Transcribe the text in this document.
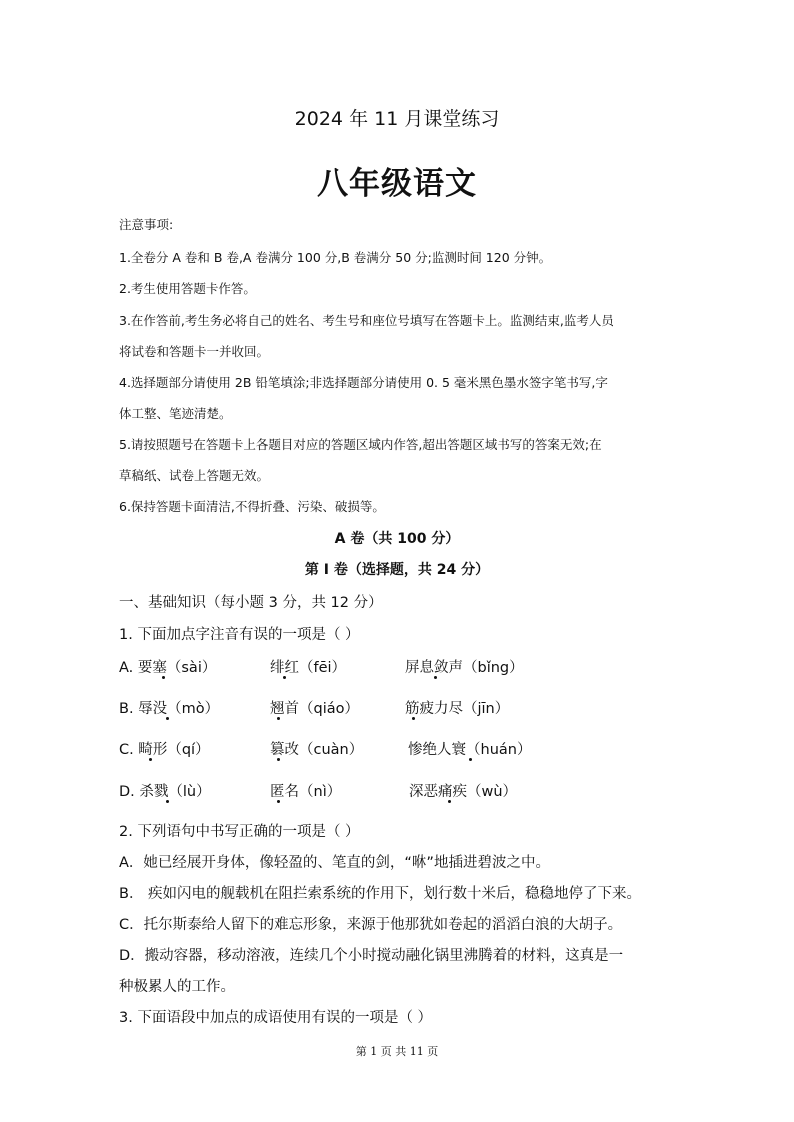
2024 年 11 月课堂练习
八年级语文
注意事项:
1.全卷分 A 卷和 B 卷,A 卷满分 100 分,B 卷满分 50 分;监测时间 120 分钟。
2.考生使用答题卡作答。
3.在作答前,考生务必将自己的姓名、考生号和座位号填写在答题卡上。监测结束,监考人员
将试卷和答题卡一并收回。
4.选择题部分请使用 2B 铅笔填涂;非选择题部分请使用 0. 5 毫米黑色墨水签字笔书写,字
体工整、笔迹清楚。
5.请按照题号在答题卡上各题目对应的答题区域内作答,超出答题区域书写的答案无效;在
草稿纸、试卷上答题无效。
6.保持答题卡面清洁,不得折叠、污染、破损等。
A 卷（共 100 分）
第 I 卷（选择题，共 24 分）
一、基础知识（每小题 3 分，共 12 分）
1. 下面加点字注音有误的一项是（ ）
A. 要塞（sài）	绯红（fēi）	屏息敛声（bǐng）
B. 辱没（mò）	翘首（qiáo）	筋疲力尽（jīn）
C. 畸形（qí）	篡改（cuàn）	惨绝人寰（huán）
D. 杀戮（lù）	匿名（nì）	深恶痛疾（wù）
2. 下列语句中书写正确的一项是（ ）
A．她已经展开身体，像轻盈的、笔直的剑，“咻”地插进碧波之中。
B． 疾如闪电的舰载机在阻拦索系统的作用下，划行数十米后，稳稳地停了下来。
C．托尔斯泰给人留下的难忘形象，来源于他那犹如卷起的滔滔白浪的大胡子。
D．搬动容器，移动溶液，连续几个小时搅动融化锅里沸腾着的材料，这真是一
种极累人的工作。
3. 下面语段中加点的成语使用有误的一项是（ ）
第 1 页 共 11 页
